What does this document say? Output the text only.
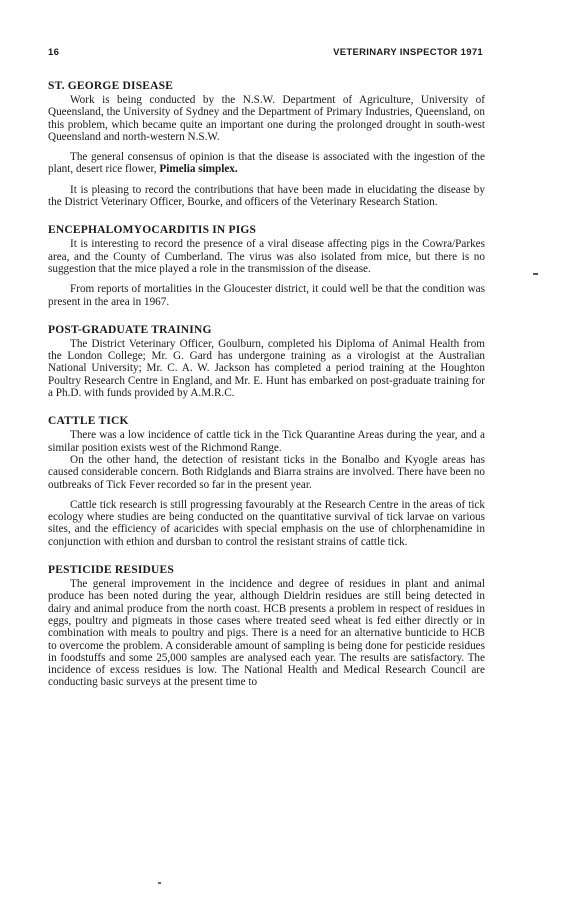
16	VETERINARY INSPECTOR 1971
ST. GEORGE DISEASE

Work is being conducted by the N.S.W. Department of Agriculture, University of Queensland, the University of Sydney and the Department of Primary Industries, Queensland, on this problem, which became quite an important one during the prolonged drought in south-west Queensland and north-western N.S.W.

The general consensus of opinion is that the disease is associated with the ingestion of the plant, desert rice flower, Pimelia simplex.

It is pleasing to record the contributions that have been made in elucidating the disease by the District Veterinary Officer, Bourke, and officers of the Veterinary Research Station.

ENCEPHALOMYOCARDITIS IN PIGS

It is interesting to record the presence of a viral disease affecting pigs in the Cowra/Parkes area, and the County of Cumberland. The virus was also isolated from mice, but there is no suggestion that the mice played a role in the transmission of the disease.

From reports of mortalities in the Gloucester district, it could well be that the condition was present in the area in 1967.

POST-GRADUATE TRAINING

The District Veterinary Officer, Goulburn, completed his Diploma of Animal Health from the London College; Mr. G. Gard has undergone training as a virologist at the Australian National University; Mr. C. A. W. Jackson has completed a period training at the Houghton Poultry Research Centre in England, and Mr. E. Hunt has embarked on post-graduate training for a Ph.D. with funds provided by A.M.R.C.

CATTLE TICK

There was a low incidence of cattle tick in the Tick Quarantine Areas during the year, and a similar position exists west of the Richmond Range.

On the other hand, the detection of resistant ticks in the Bonalbo and Kyogle areas has caused considerable concern. Both Ridglands and Biarra strains are involved. There have been no outbreaks of Tick Fever recorded so far in the present year.

Cattle tick research is still progressing favourably at the Research Centre in the areas of tick ecology where studies are being conducted on the quantitative survival of tick larvae on various sites, and the efficiency of acaricides with special emphasis on the use of chlorphenamidine in conjunction with ethion and dursban to control the resistant strains of cattle tick.

PESTICIDE RESIDUES

The general improvement in the incidence and degree of residues in plant and animal produce has been noted during the year, although Dieldrin residues are still being detected in dairy and animal produce from the north coast. HCB presents a problem in respect of residues in eggs, poultry and pigmeats in those cases where treated seed wheat is fed either directly or in combination with meals to poultry and pigs. There is a need for an alternative bunticide to HCB to overcome the problem. A considerable amount of sampling is being done for pesticide residues in foodstuffs and some 25,000 samples are analysed each year. The results are satisfactory. The incidence of excess residues is low. The National Health and Medical Research Council are conducting basic surveys at the present time to
